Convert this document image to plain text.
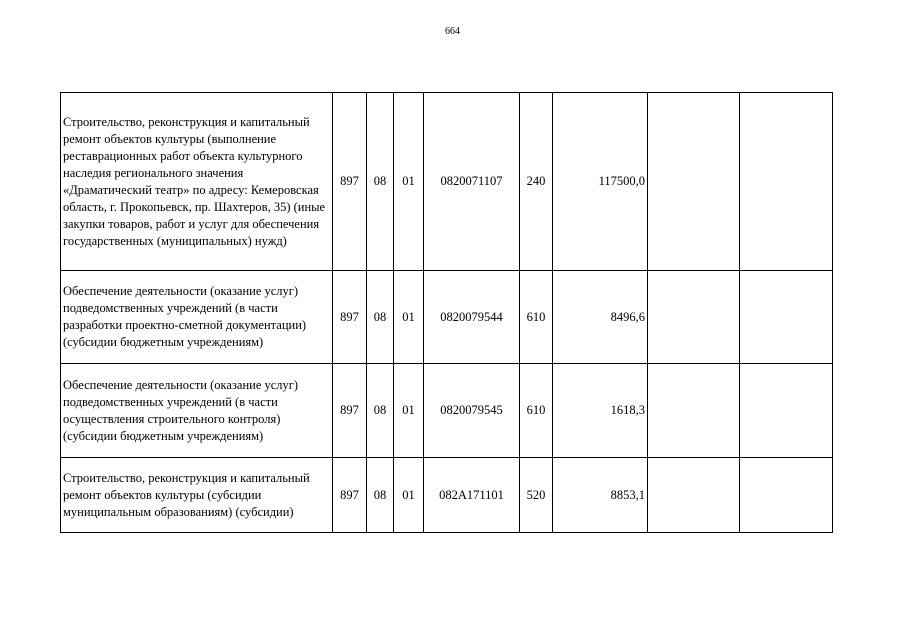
664
Строительство, реконструкция и капитальный ремонт объектов культуры (выполнение реставрационных работ объекта культурного наследия регионального значения «Драматический театр» по адресу: Кемеровская область, г. Прокопьевск, пр. Шахтеров, 35) (иные закупки товаров, работ и услуг для обеспечения государственных (муниципальных) нужд)	897	08	01	0820071107	240	117500,0		
Обеспечение деятельности (оказание услуг) подведомственных учреждений (в части разработки проектно-сметной документации) (субсидии бюджетным учреждениям)	897	08	01	0820079544	610	8496,6		
Обеспечение деятельности (оказание услуг) подведомственных учреждений (в части осуществления строительного контроля) (субсидии бюджетным учреждениям)	897	08	01	0820079545	610	1618,3		
Строительство, реконструкция и капитальный ремонт объектов культуры (субсидии муниципальным образованиям) (субсидии)	897	08	01	082A171101	520	8853,1		
